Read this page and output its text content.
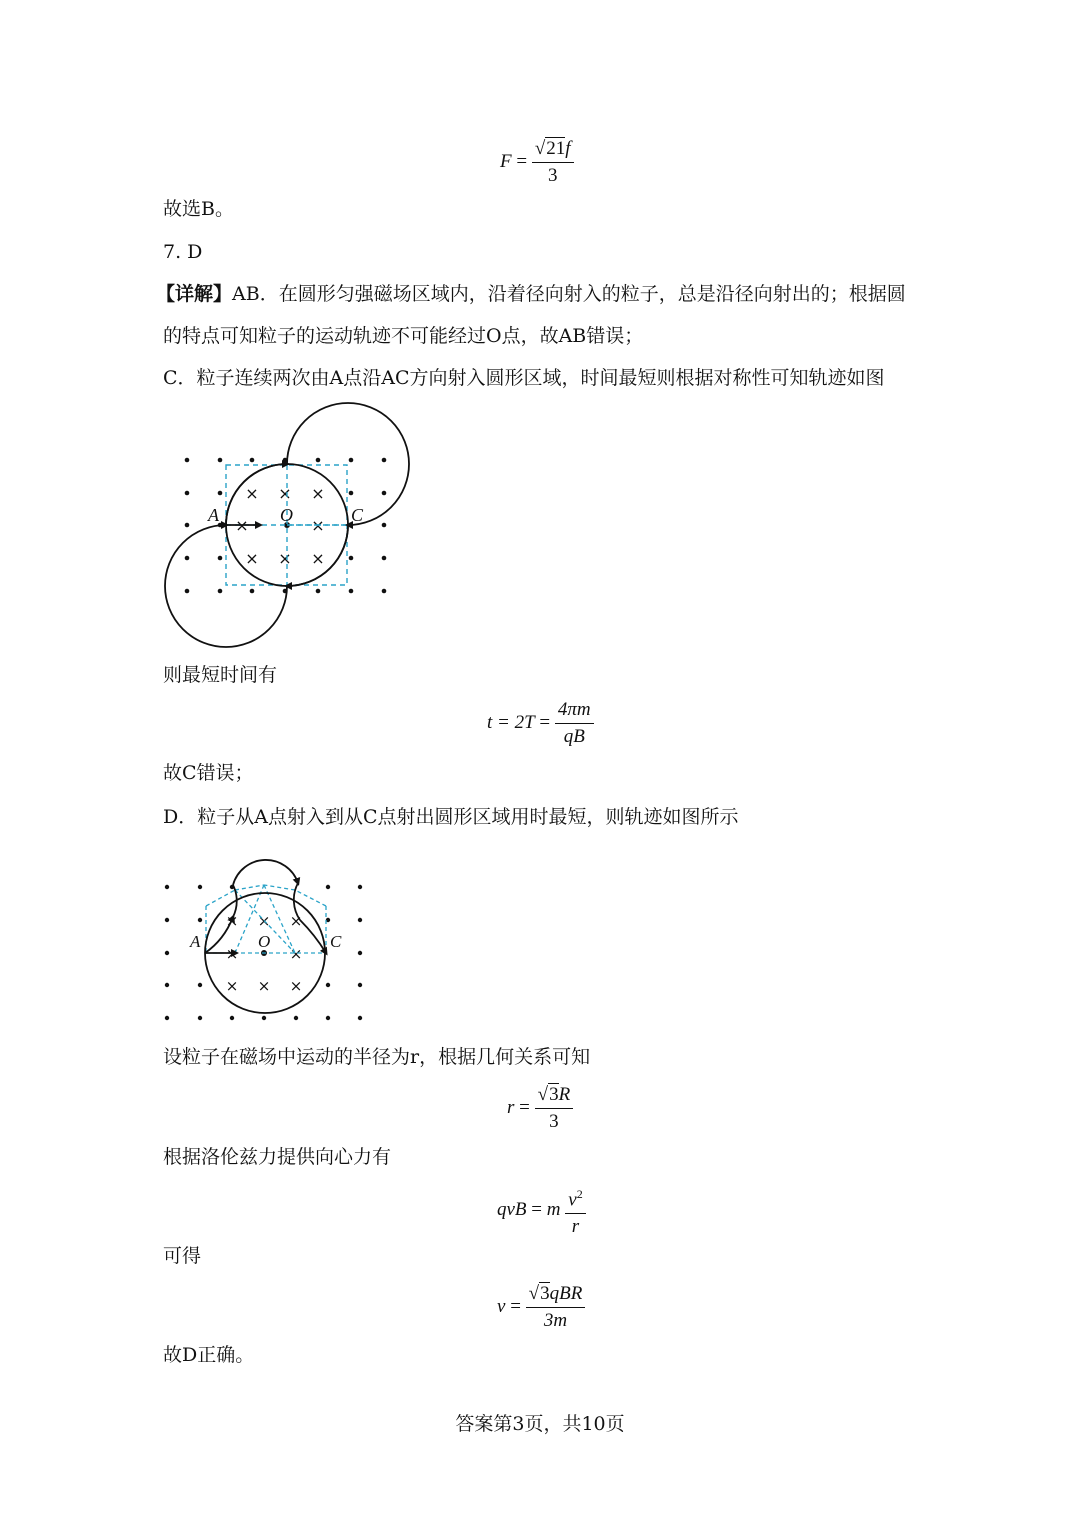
$F = \frac{√21f}{3}$
故选B。
7. D
【详解】AB．在圆形匀强磁场区域内，沿着径向射入的粒子，总是沿径向射出的；根据圆
的特点可知粒子的运动轨迹不可能经过O点，故AB错误；
C．粒子连续两次由A点沿AC方向射入圆形区域，时间最短则根据对称性可知轨迹如图
× × ×
×	×
× × ×
A	O	C
则最短时间有
$t = 2T = \frac{4\pi m}{qB}$
故C错误；
D．粒子从A点射入到从C点射出圆形区域用时最短，则轨迹如图所示
× × ×
×	×
× × ×
A	O	C
设粒子在磁场中运动的半径为r，根据几何关系可知
$r = \frac{√3R}{3}$
根据洛伦兹力提供向心力有
qvB = m $\frac{v^2}{r}$
可得
$v = \frac{\text{√3qBR}}{3m}$
故D正确。
答案第3页，共10页
